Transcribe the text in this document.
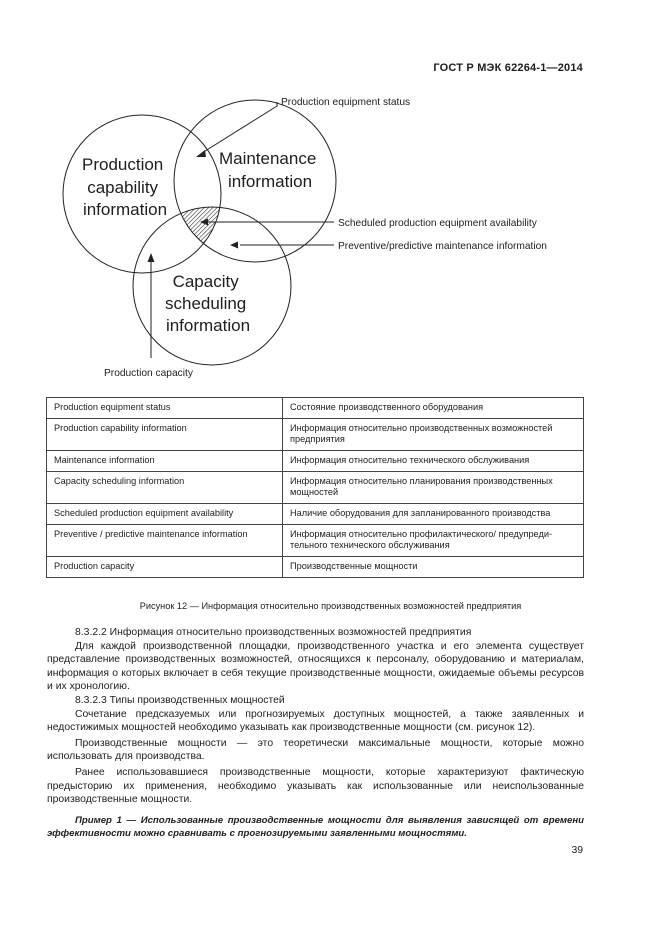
ГОСТ Р МЭК 62264-1—2014
Production capability information
Maintenance information
Capacity scheduling information
Production equipment status
Scheduled production equipment availability
Preventive/predictive maintenance information
Production capacity
Production equipment status	Состояние производственного оборудования
Production capability information	Информация относительно производственных возможностей предприятия
Maintenance information	Информация относительно технического обслуживания
Capacity scheduling information	Информация относительно планирования производственных мощностей
Scheduled production equipment availability	Наличие оборудования для запланированного производства
Preventive / predictive maintenance information	Информация относительно профилактического/ предупреди-тельного технического обслуживания
Production capacity	Производственные мощности
Рисунок 12 — Информация относительно производственных возможностей предприятия

8.3.2.2 Информация относительно производственных возможностей предприятия

Для каждой производственной площадки, производственного участка и его элемента существует представление производственных возможностей, относящихся к персоналу, оборудованию и материалам, информация о которых включает в себя текущие производственные мощности, ожидаемые объемы ресурсов и их хронологию.

8.3.2.3 Типы производственных мощностей

Сочетание предсказуемых или прогнозируемых доступных мощностей, а также заявленных и недостижимых мощностей необходимо указывать как производственные мощности (см. рисунок 12).

Производственные мощности — это теоретически максимальные мощности, которые можно использовать для производства.

Ранее использовавшиеся производственные мощности, которые характеризуют фактическую предысторию их применения, необходимо указывать как использованные или неиспользованные производственные мощности.

Пример 1 — Использованные производственные мощности для выявления зависящей от времени эффективности можно сравнивать с прогнозируемыми заявленными мощностями.

39
